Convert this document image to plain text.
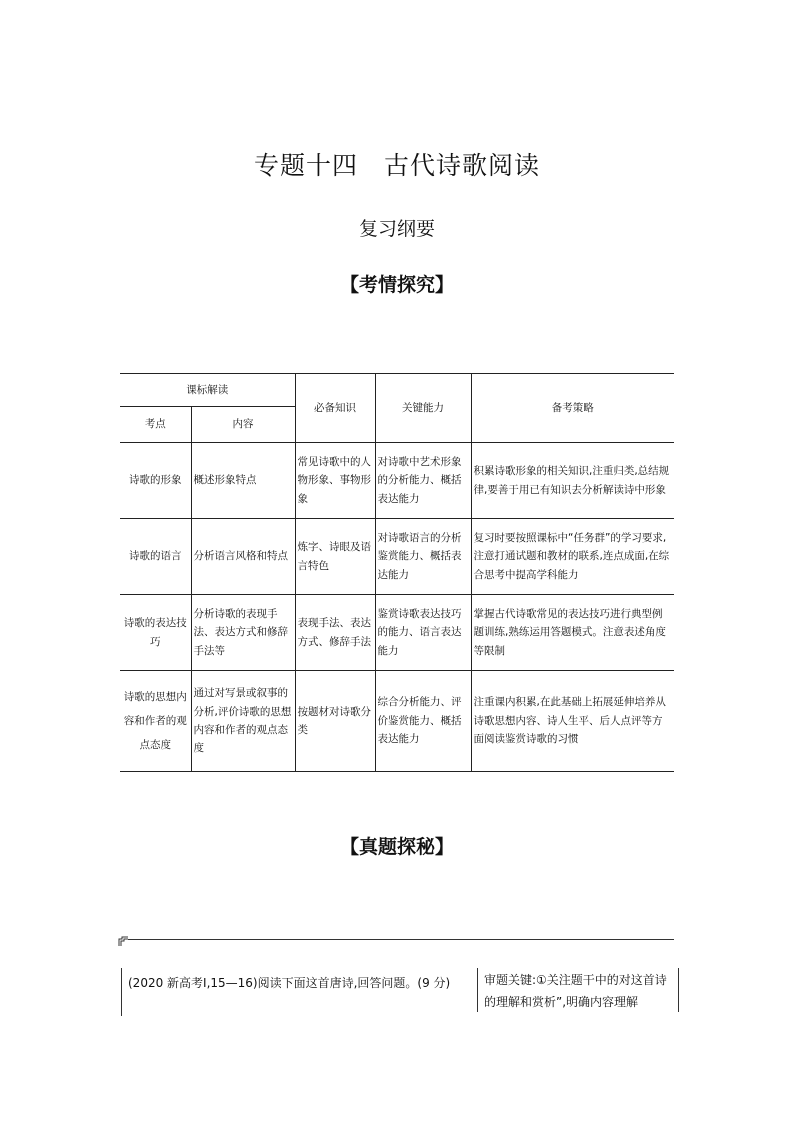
专题十四　古代诗歌阅读
复习纲要
【考情探究】
课标解读		必备知识	关键能力	备考策略
考点	内容			
诗歌的形象	概述形象特点	常见诗歌中的人物形象、事物形象	对诗歌中艺术形象的分析能力、概括表达能力	积累诗歌形象的相关知识,注重归类,总结规律,要善于用已有知识去分析解读诗中形象
诗歌的语言	分析语言风格和特点	炼字、诗眼及语言特色	对诗歌语言的分析鉴赏能力、概括表达能力	复习时要按照课标中“任务群”的学习要求,注意打通试题和教材的联系,连点成面,在综合思考中提高学科能力
诗歌的表达技巧	分析诗歌的表现手法、表达方式和修辞手法等	表现手法、表达方式、修辞手法	鉴赏诗歌表达技巧的能力、语言表达能力	掌握古代诗歌常见的表达技巧进行典型例题训练,熟练运用答题模式。注意表述角度等限制
诗歌的思想内容和作者的观点态度	通过对写景或叙事的分析,评价诗歌的思想内容和作者的观点态度	按题材对诗歌分类	综合分析能力、评价鉴赏能力、概括表达能力	注重课内积累,在此基础上拓展延伸培养从诗歌思想内容、诗人生平、后人点评等方面阅读鉴赏诗歌的习惯
【真题探秘】
(2020 新高考Ⅰ,15—16)阅读下面这首唐诗,回答问题。(9 分)	审题关键:①关注题干中的对这首诗的理解和赏析”,明确内容理解
